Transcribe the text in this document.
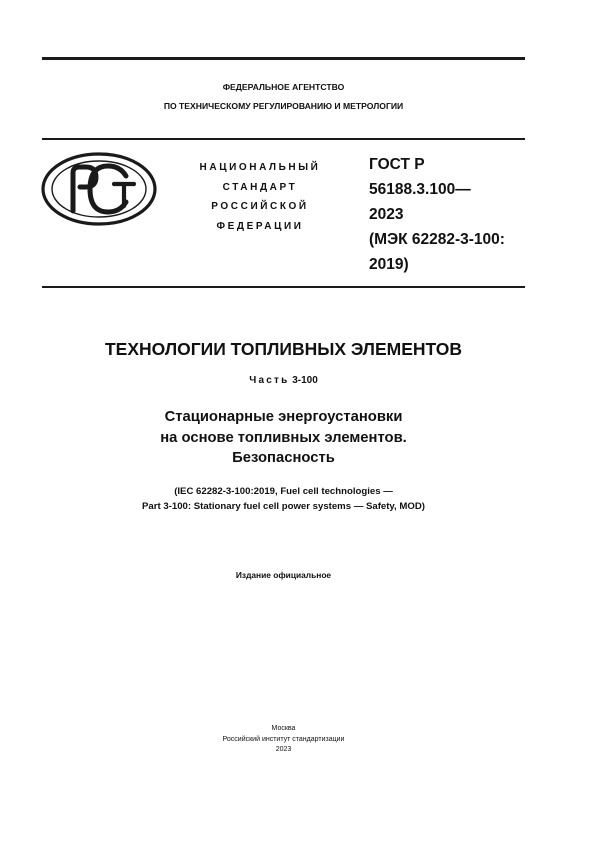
ФЕДЕРАЛЬНОЕ АГЕНТСТВО
ПО ТЕХНИЧЕСКОМУ РЕГУЛИРОВАНИЮ И МЕТРОЛОГИИ
НАЦИОНАЛЬНЫЙ
СТАНДАРТ
РОССИЙСКОЙ
ФЕДЕРАЦИИ
ГОСТ Р
56188.3.100—
2023
(МЭК 62282-3-100:
2019)
ТЕХНОЛОГИИ ТОПЛИВНЫХ ЭЛЕМЕНТОВ
Часть 3-100
Стационарные энергоустановки
на основе топливных элементов.
Безопасность
(IEC 62282-3-100:2019, Fuel cell technologies —
Part 3-100: Stationary fuel cell power systems — Safety, MOD)
Издание официальное
Москва
Российский институт стандартизации
2023
